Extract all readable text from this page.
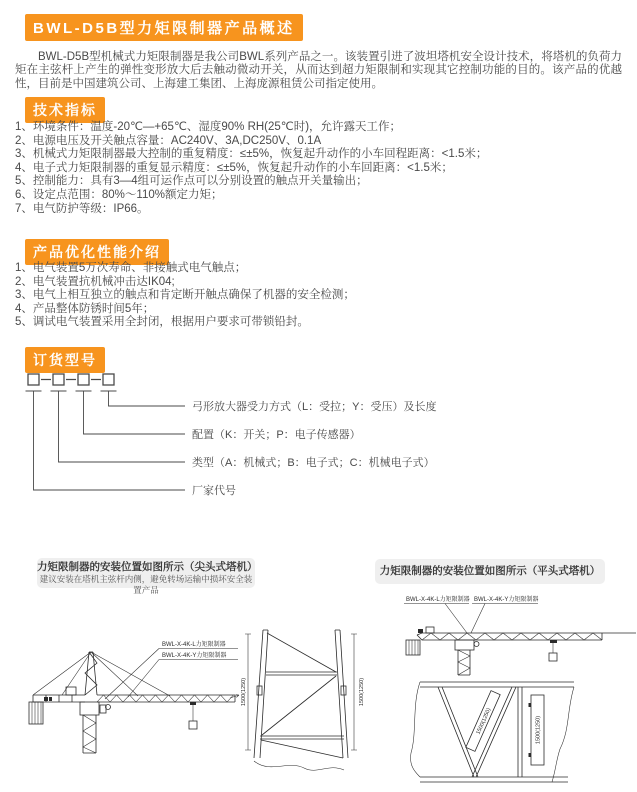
BWL-D5B型力矩限制器产品概述

BWL-D5B型机械式力矩限制器是我公司BWL系列产品之一。该装置引进了波坦塔机安全设计技术，将塔机的负荷力矩在主弦杆上产生的弹性变形放大后去触动微动开关，从而达到超力矩限制和实现其它控制功能的目的。该产品的优越性，目前是中国建筑公司、上海建工集团、上海庞源租赁公司指定使用。

技术指标
1、环境条件：温度-20℃—+65℃、湿度90% RH(25℃时)，允许露天工作；
2、电源电压及开关触点容量：AC240V、3A,DC250V、0.1A
3、机械式力矩限制器最大控制的重复精度：≤±5%，恢复起升动作的小车回程距离：<1.5米；
4、电子式力矩限制器的重复显示精度：≤±5%，恢复起升动作的小车回距离：<1.5米；
5、控制能力：具有3—4组可运作点可以分别设置的触点开关量输出；
6、设定点范围：80%～110%额定力矩；
7、电气防护等级：IP66。
产品优化性能介绍
1、电气装置5万次寿命、非接触式电气触点；
2、电气装置抗机械冲击达IK04;
3、电气上相互独立的触点和肯定断开触点确保了机器的安全检测；
4、产品整体防锈时间5年；
5、调试电气装置采用全封闭，根据用户要求可带锁铅封。
订货型号
弓形放大器受力方式（L：受拉；Y：受压）及长度
配置（K：开关；P：电子传感器）
类型（A：机械式；B：电子式；C：机械电子式）
厂家代号
力矩限制器的安装位置如图所示（尖头式塔机）
建议安装在塔机主弦杆内侧，避免转场运输中损坏安全装置产品
力矩限制器的安装位置如图所示（平头式塔机）
BWL-X-4K-L力矩限制器
BWL-X-4K-Y力矩限制器
1500(1250)	1500(1250)
BWL-X-4K-L力矩限制器 BWL-X-4K-Y力矩限制器
1500(1250)	1500(1250)
